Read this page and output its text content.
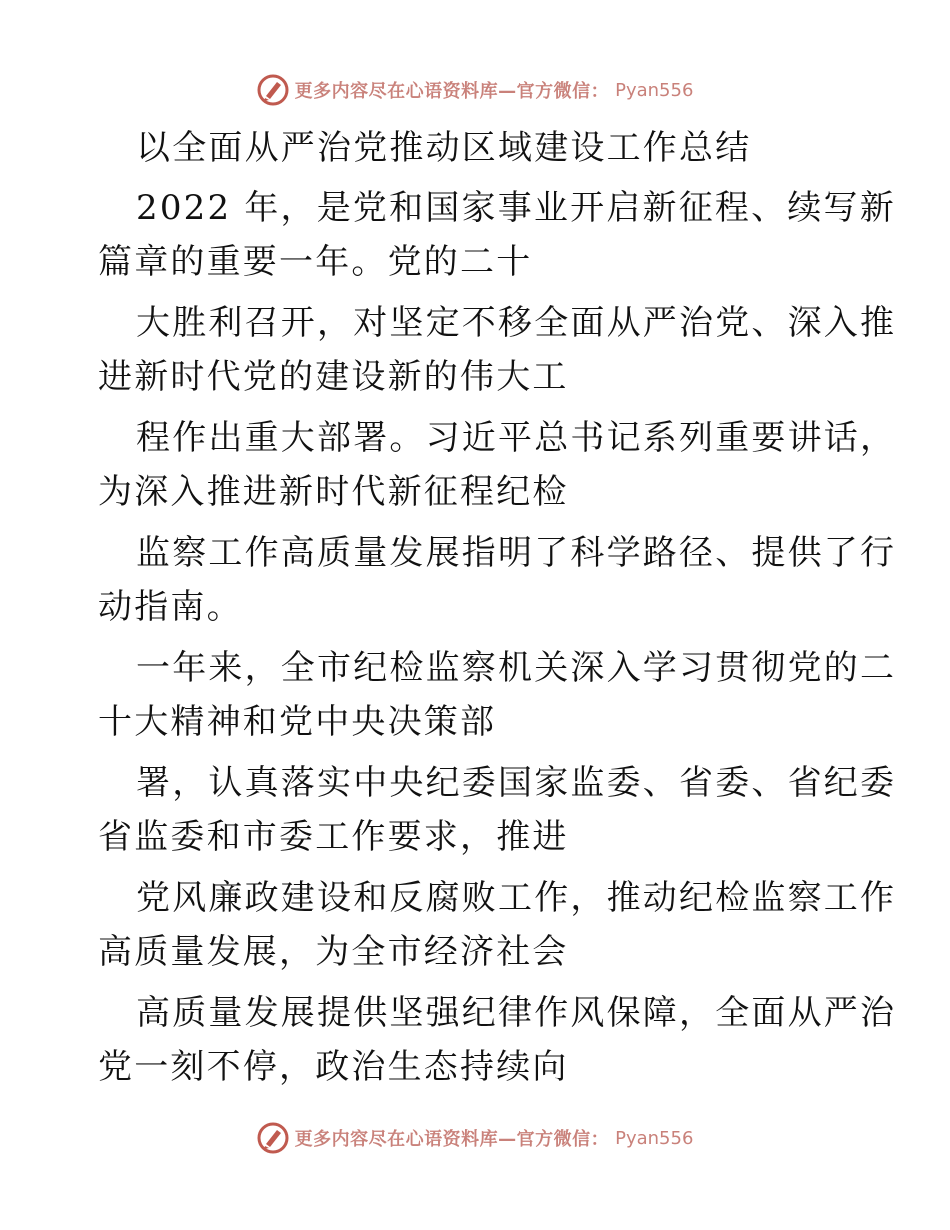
更多内容尽在心语资料库—官方微信： Pyan556
以全面从严治党推动区域建设工作总结
2022 年，是党和国家事业开启新征程、续写新
篇章的重要一年。党的二十
大胜利召开，对坚定不移全面从严治党、深入推
进新时代党的建设新的伟大工
程作出重大部署。习近平总书记系列重要讲话，
为深入推进新时代新征程纪检
监察工作高质量发展指明了科学路径、提供了行
动指南。
一年来，全市纪检监察机关深入学习贯彻党的二
十大精神和党中央决策部
署，认真落实中央纪委国家监委、省委、省纪委
省监委和市委工作要求，推进
党风廉政建设和反腐败工作，推动纪检监察工作
高质量发展，为全市经济社会
高质量发展提供坚强纪律作风保障，全面从严治
党一刻不停，政治生态持续向
更多内容尽在心语资料库—官方微信： Pyan556
